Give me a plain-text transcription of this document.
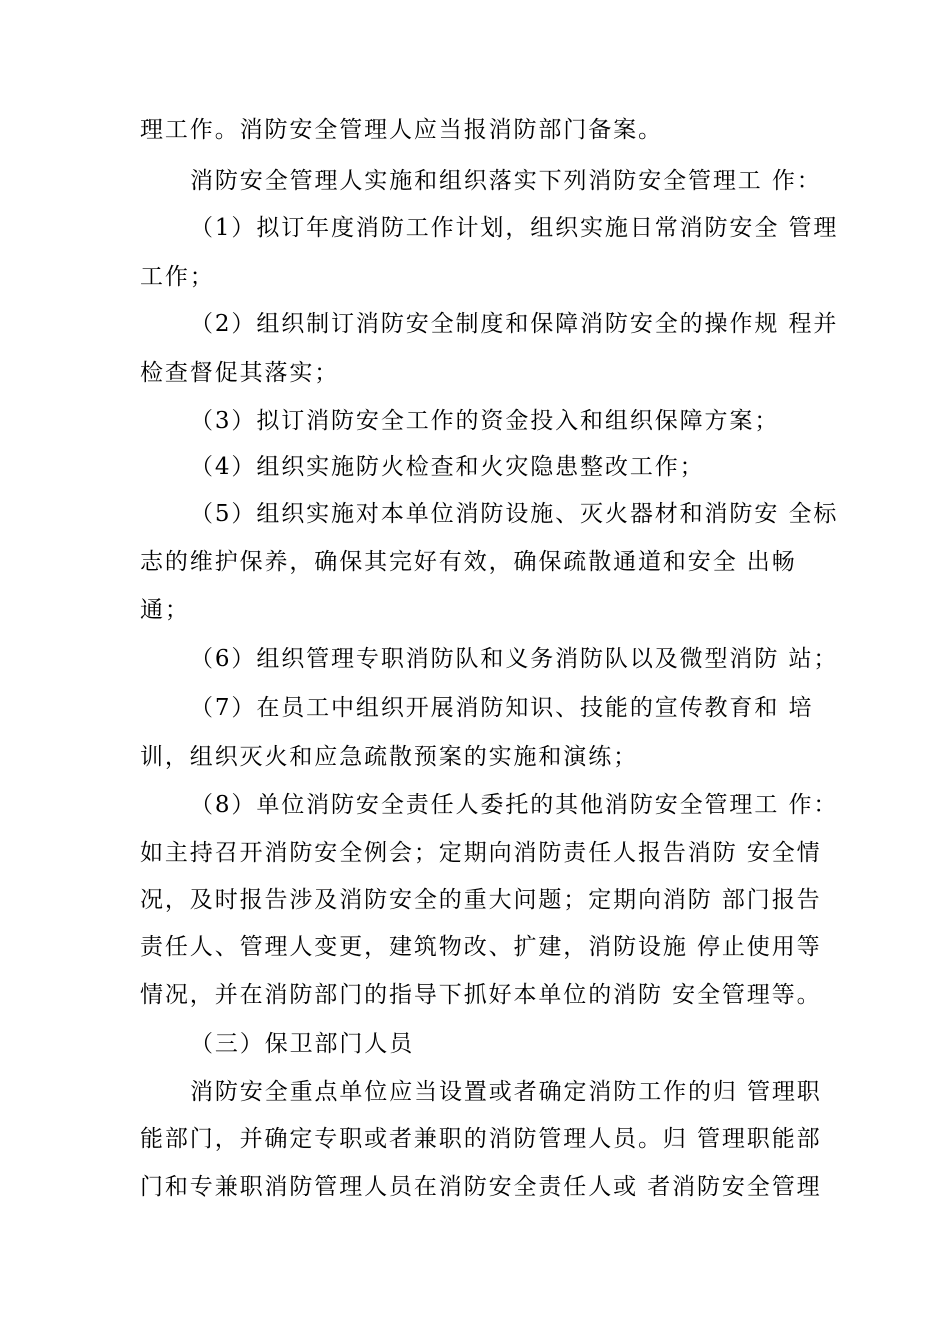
理工作。消防安全管理人应当报消防部门备案。
消防安全管理人实施和组织落实下列消防安全管理工 作：
（1）拟订年度消防工作计划，组织实施日常消防安全 管理
工作；
（2）组织制订消防安全制度和保障消防安全的操作规 程并
检查督促其落实；
（3）拟订消防安全工作的资金投入和组织保障方案；
（4）组织实施防火检查和火灾隐患整改工作；
（5）组织实施对本单位消防设施、灭火器材和消防安 全标
志的维护保养，确保其完好有效，确保疏散通道和安全 出畅
通；
（6）组织管理专职消防队和义务消防队以及微型消防 站；
（7）在员工中组织开展消防知识、技能的宣传教育和 培
训，组织灭火和应急疏散预案的实施和演练；
（8）单位消防安全责任人委托的其他消防安全管理工 作：
如主持召开消防安全例会；定期向消防责任人报告消防 安全情
况，及时报告涉及消防安全的重大问题；定期向消防 部门报告
责任人、管理人变更，建筑物改、扩建，消防设施 停止使用等
情况，并在消防部门的指导下抓好本单位的消防 安全管理等。
（三）保卫部门人员
消防安全重点单位应当设置或者确定消防工作的归 管理职
能部门，并确定专职或者兼职的消防管理人员。归 管理职能部
门和专兼职消防管理人员在消防安全责任人或 者消防安全管理
